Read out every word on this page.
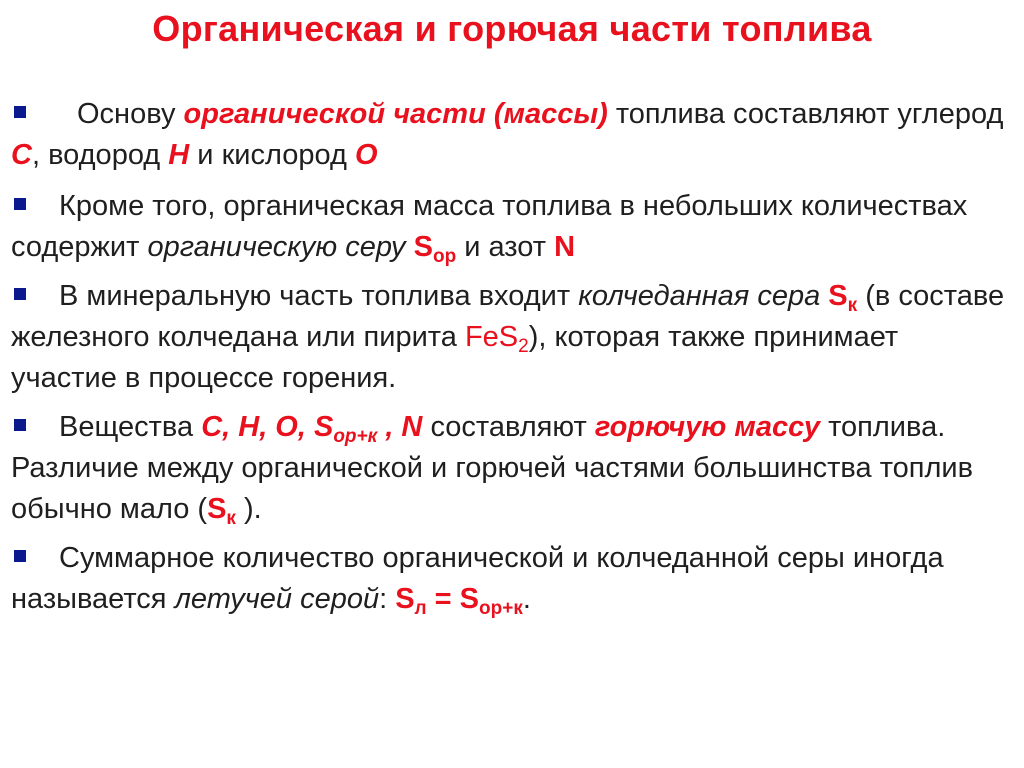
Органическая и горючая части топлива
Основу органической части (массы) топлива составляют углерод C, водород H и кислород O
Кроме того, органическая масса топлива в небольших количествах содержит органическую серу $S_{ор}$ и азот N
В минеральную часть топлива входит колчеданная сера $S_к$ (в составе железного колчедана или пирита FeS$_2$), которая также принимает участие в процессе горения.
Вещества C, H, O, $S_{ор+к}$ , N составляют горючую массу топлива. Различие между органической и горючей частями большинства топлив обычно мало ($S_к$ ).
Суммарное количество органической и колчеданной серы иногда называется летучей серой: $S_л = S_{ор+к}$.
